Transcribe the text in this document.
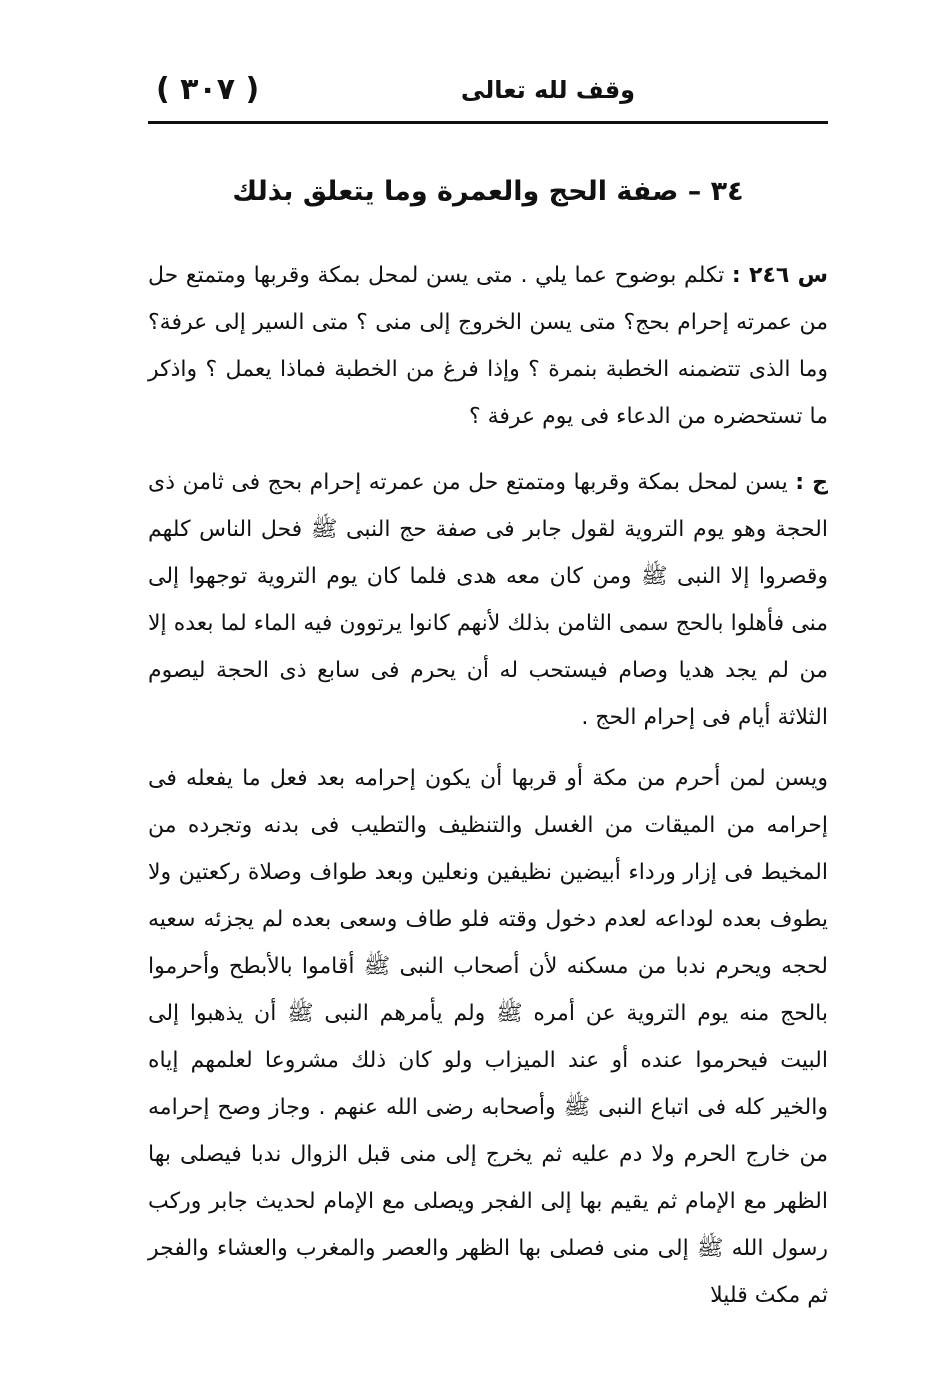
( ٣٠٧ )	وقف لله تعالى
٣٤ – صفة الحج والعمرة وما يتعلق بذلك

س ٢٤٦ : تكلم بوضوح عما يلي . متى يسن لمحل بمكة وقربها ومتمتع حل من عمرته إحرام بحج؟ متى يسن الخروج إلى منى ؟ متى السير إلى عرفة؟ وما الذى تتضمنه الخطبة بنمرة ؟ وإذا فرغ من الخطبة فماذا يعمل ؟ واذكر ما تستحضره من الدعاء فى يوم عرفة ؟

ج : يسن لمحل بمكة وقربها ومتمتع حل من عمرته إحرام بحج فى ثامن ذى الحجة وهو يوم التروية لقول جابر فى صفة حج النبى ﷺ فحل الناس كلهم وقصروا إلا النبى ﷺ ومن كان معه هدى فلما كان يوم التروية توجهوا إلى منى فأهلوا بالحج سمى الثامن بذلك لأنهم كانوا يرتوون فيه الماء لما بعده إلا من لم يجد هديا وصام فيستحب له أن يحرم فى سابع ذى الحجة ليصوم الثلاثة أيام فى إحرام الحج .

ويسن لمن أحرم من مكة أو قربها أن يكون إحرامه بعد فعل ما يفعله فى إحرامه من الميقات من الغسل والتنظيف والتطيب فى بدنه وتجرده من المخيط فى إزار ورداء أبيضين نظيفين ونعلين وبعد طواف وصلاة ركعتين ولا يطوف بعده لوداعه لعدم دخول وقته فلو طاف وسعى بعده لم يجزئه سعيه لحجه ويحرم ندبا من مسكنه لأن أصحاب النبى ﷺ أقاموا بالأبطح وأحرموا بالحج منه يوم التروية عن أمره ﷺ ولم يأمرهم النبى ﷺ أن يذهبوا إلى البيت فيحرموا عنده أو عند الميزاب ولو كان ذلك مشروعا لعلمهم إياه والخير كله فى اتباع النبى ﷺ وأصحابه رضى الله عنهم . وجاز وصح إحرامه من خارج الحرم ولا دم عليه ثم يخرج إلى منى قبل الزوال ندبا فيصلى بها الظهر مع الإمام ثم يقيم بها إلى الفجر ويصلى مع الإمام لحديث جابر وركب رسول الله ﷺ إلى منى فصلى بها الظهر والعصر والمغرب والعشاء والفجر ثم مكث قليلا
